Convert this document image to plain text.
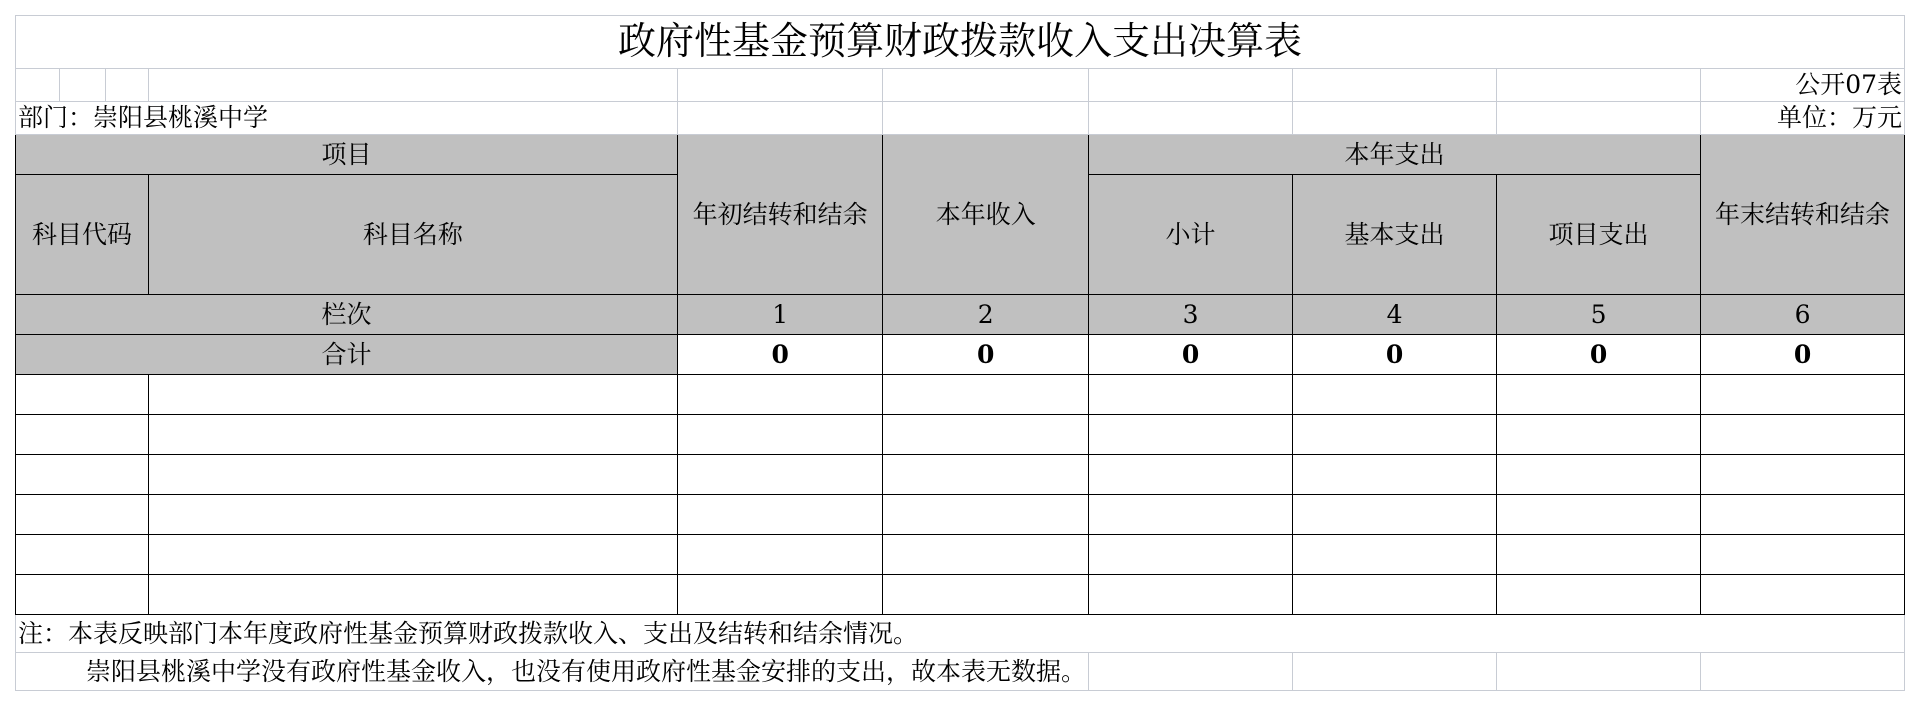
政府性基金预算财政拨款收入支出决算表									
									公开07表
部门：崇阳县桃溪中学									单位：万元
项目				年初结转和结余	本年收入	本年支出			年末结转和结余
科目代码			科目名称			小计	基本支出	项目支出	
栏次				1	2	3	4	5	6
合计				0	0	0	0	0	0

注：本表反映部门本年度政府性基金预算财政拨款收入、支出及结转和结余情况。									
崇阳县桃溪中学没有政府性基金收入，也没有使用政府性基金安排的支出，故本表无数据。									
